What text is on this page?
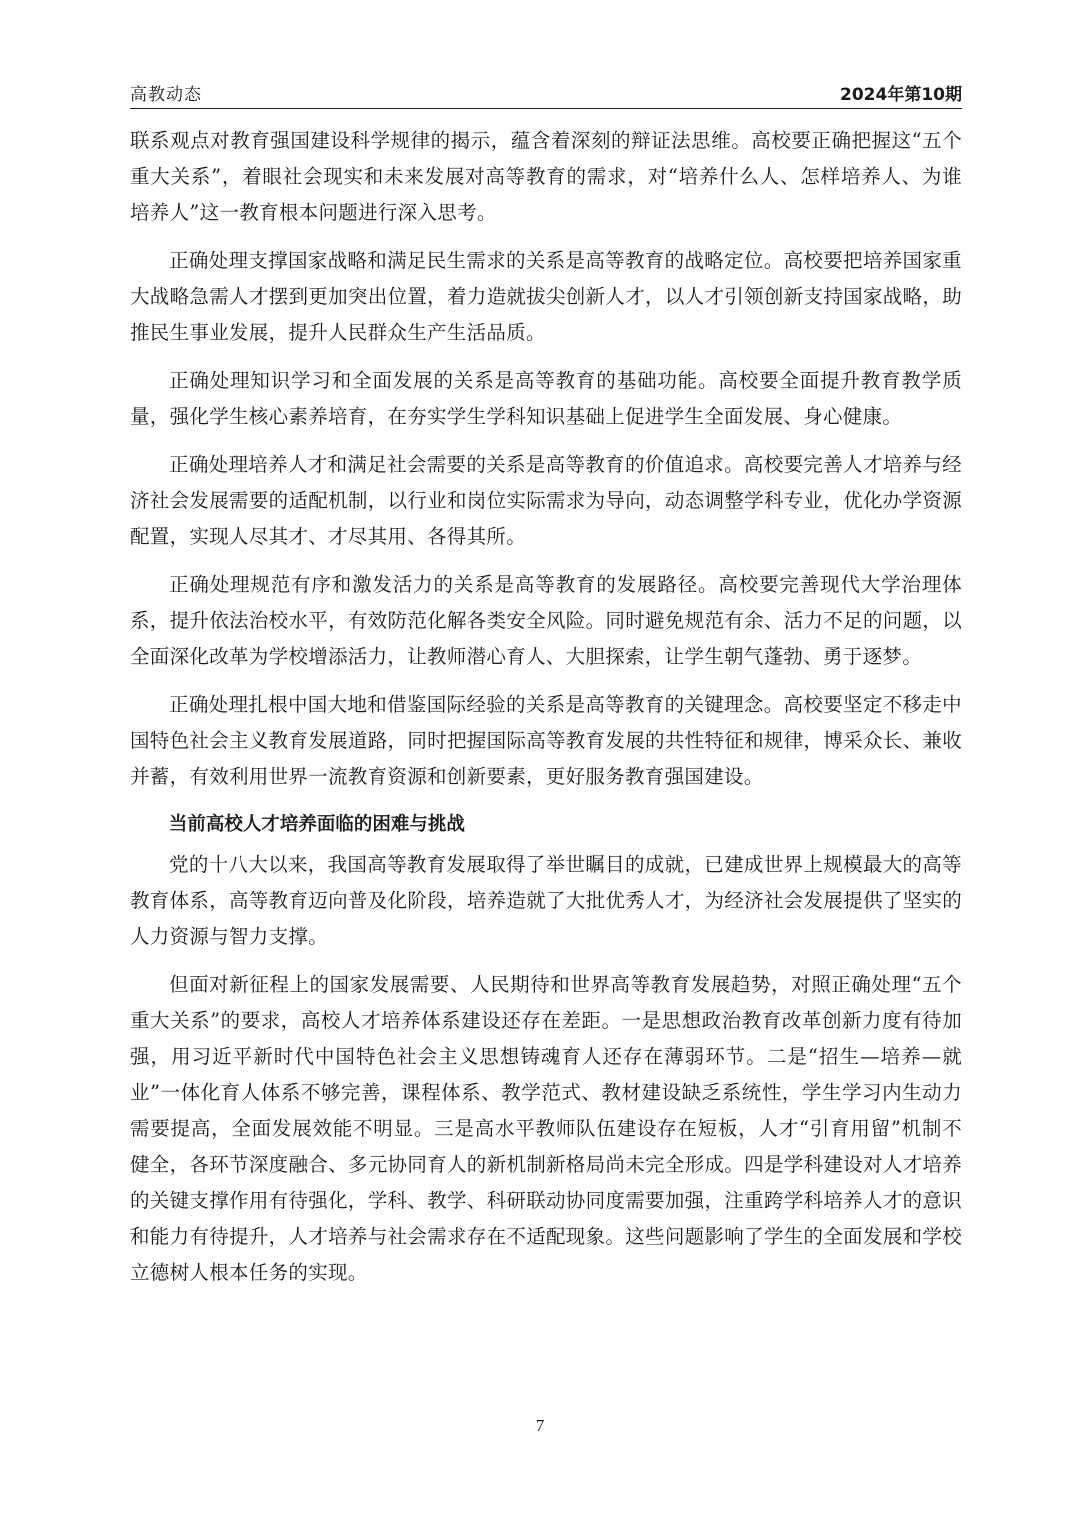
高教动态	2024年第10期

联系观点对教育强国建设科学规律的揭示，蕴含着深刻的辩证法思维。高校要正确把握这“五个重大关系”，着眼社会现实和未来发展对高等教育的需求，对“培养什么人、怎样培养人、为谁培养人”这一教育根本问题进行深入思考。

正确处理支撑国家战略和满足民生需求的关系是高等教育的战略定位。高校要把培养国家重大战略急需人才摆到更加突出位置，着力造就拔尖创新人才，以人才引领创新支持国家战略，助推民生事业发展，提升人民群众生产生活品质。

正确处理知识学习和全面发展的关系是高等教育的基础功能。高校要全面提升教育教学质量，强化学生核心素养培育，在夯实学生学科知识基础上促进学生全面发展、身心健康。

正确处理培养人才和满足社会需要的关系是高等教育的价值追求。高校要完善人才培养与经济社会发展需要的适配机制，以行业和岗位实际需求为导向，动态调整学科专业，优化办学资源配置，实现人尽其才、才尽其用、各得其所。

正确处理规范有序和激发活力的关系是高等教育的发展路径。高校要完善现代大学治理体系，提升依法治校水平，有效防范化解各类安全风险。同时避免规范有余、活力不足的问题，以全面深化改革为学校增添活力，让教师潜心育人、大胆探索，让学生朝气蓬勃、勇于逐梦。

正确处理扎根中国大地和借鉴国际经验的关系是高等教育的关键理念。高校要坚定不移走中国特色社会主义教育发展道路，同时把握国际高等教育发展的共性特征和规律，博采众长、兼收并蓄，有效利用世界一流教育资源和创新要素，更好服务教育强国建设。

当前高校人才培养面临的困难与挑战

党的十八大以来，我国高等教育发展取得了举世瞩目的成就，已建成世界上规模最大的高等教育体系，高等教育迈向普及化阶段，培养造就了大批优秀人才，为经济社会发展提供了坚实的人力资源与智力支撑。

但面对新征程上的国家发展需要、人民期待和世界高等教育发展趋势，对照正确处理“五个重大关系”的要求，高校人才培养体系建设还存在差距。一是思想政治教育改革创新力度有待加强，用习近平新时代中国特色社会主义思想铸魂育人还存在薄弱环节。二是“招生—培养—就业”一体化育人体系不够完善，课程体系、教学范式、教材建设缺乏系统性，学生学习内生动力需要提高，全面发展效能不明显。三是高水平教师队伍建设存在短板，人才“引育用留”机制不健全，各环节深度融合、多元协同育人的新机制新格局尚未完全形成。四是学科建设对人才培养的关键支撑作用有待强化，学科、教学、科研联动协同度需要加强，注重跨学科培养人才的意识和能力有待提升，人才培养与社会需求存在不适配现象。这些问题影响了学生的全面发展和学校立德树人根本任务的实现。

7
